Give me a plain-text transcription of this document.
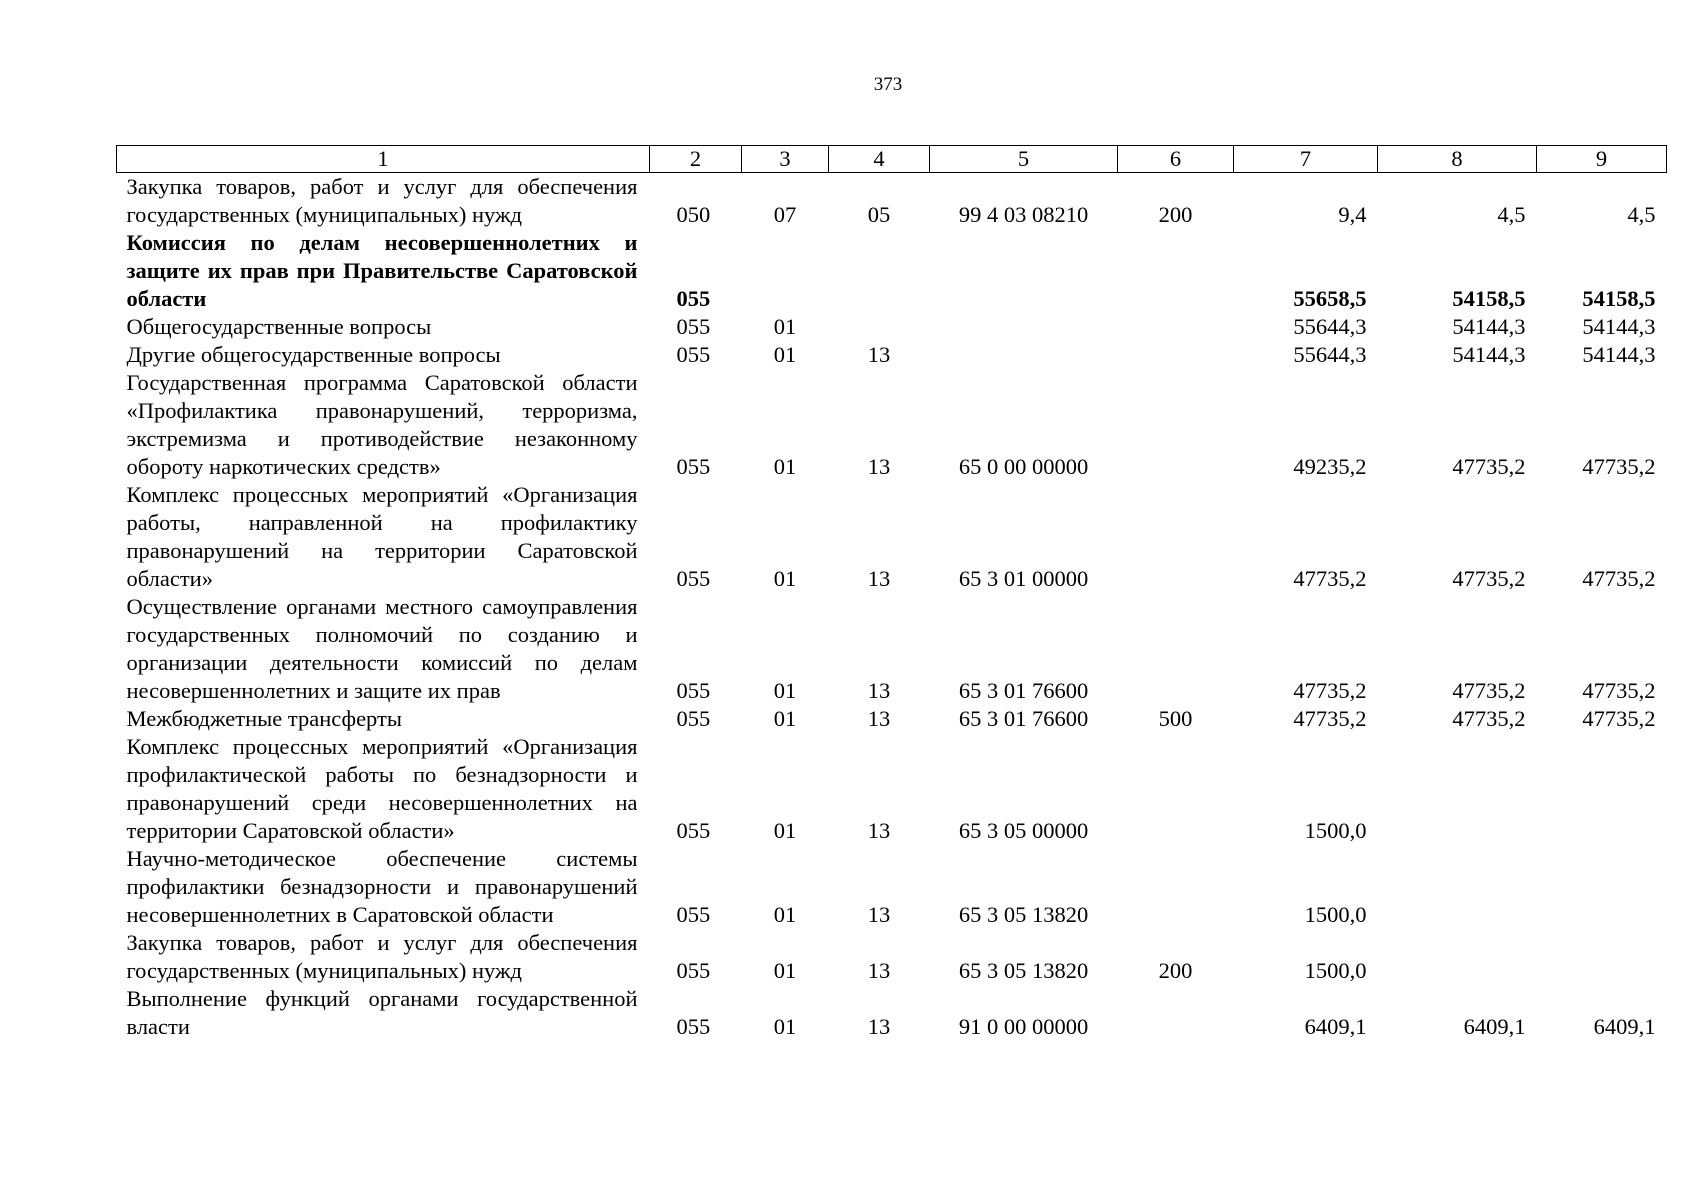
373
1	2	3	4	5	6	7	8	9
Закупка товаров, работ и услуг для обеспечения государственных (муниципальных) нужд	050	07	05	99 4 03 08210	200	9,4	4,5	4,5
Комиссия по делам несовершеннолетних и защите их прав при Правительстве Саратовской области	055					55658,5	54158,5	54158,5
Общегосударственные вопросы	055	01				55644,3	54144,3	54144,3
Другие общегосударственные вопросы	055	01	13			55644,3	54144,3	54144,3
Государственная программа Саратовской области «Профилактика правонарушений, терроризма, экстремизма и противодействие незаконному обороту наркотических средств»	055	01	13	65 0 00 00000		49235,2	47735,2	47735,2
Комплекс процессных мероприятий «Организация работы, направленной на профилактику правонарушений на территории Саратовской области»	055	01	13	65 3 01 00000		47735,2	47735,2	47735,2
Осуществление органами местного самоуправления государственных полномочий по созданию и организации деятельности комиссий по делам несовершеннолетних и защите их прав	055	01	13	65 3 01 76600		47735,2	47735,2	47735,2
Межбюджетные трансферты	055	01	13	65 3 01 76600	500	47735,2	47735,2	47735,2
Комплекс процессных мероприятий «Организация профилактической работы по безнадзорности и правонарушений среди несовершеннолетних на территории Саратовской области»	055	01	13	65 3 05 00000		1500,0		
Научно-методическое обеспечение системы профилактики безнадзорности и правонарушений несовершеннолетних в Саратовской области	055	01	13	65 3 05 13820		1500,0		
Закупка товаров, работ и услуг для обеспечения государственных (муниципальных) нужд	055	01	13	65 3 05 13820	200	1500,0		
Выполнение функций органами государственной власти	055	01	13	91 0 00 00000		6409,1	6409,1	6409,1
